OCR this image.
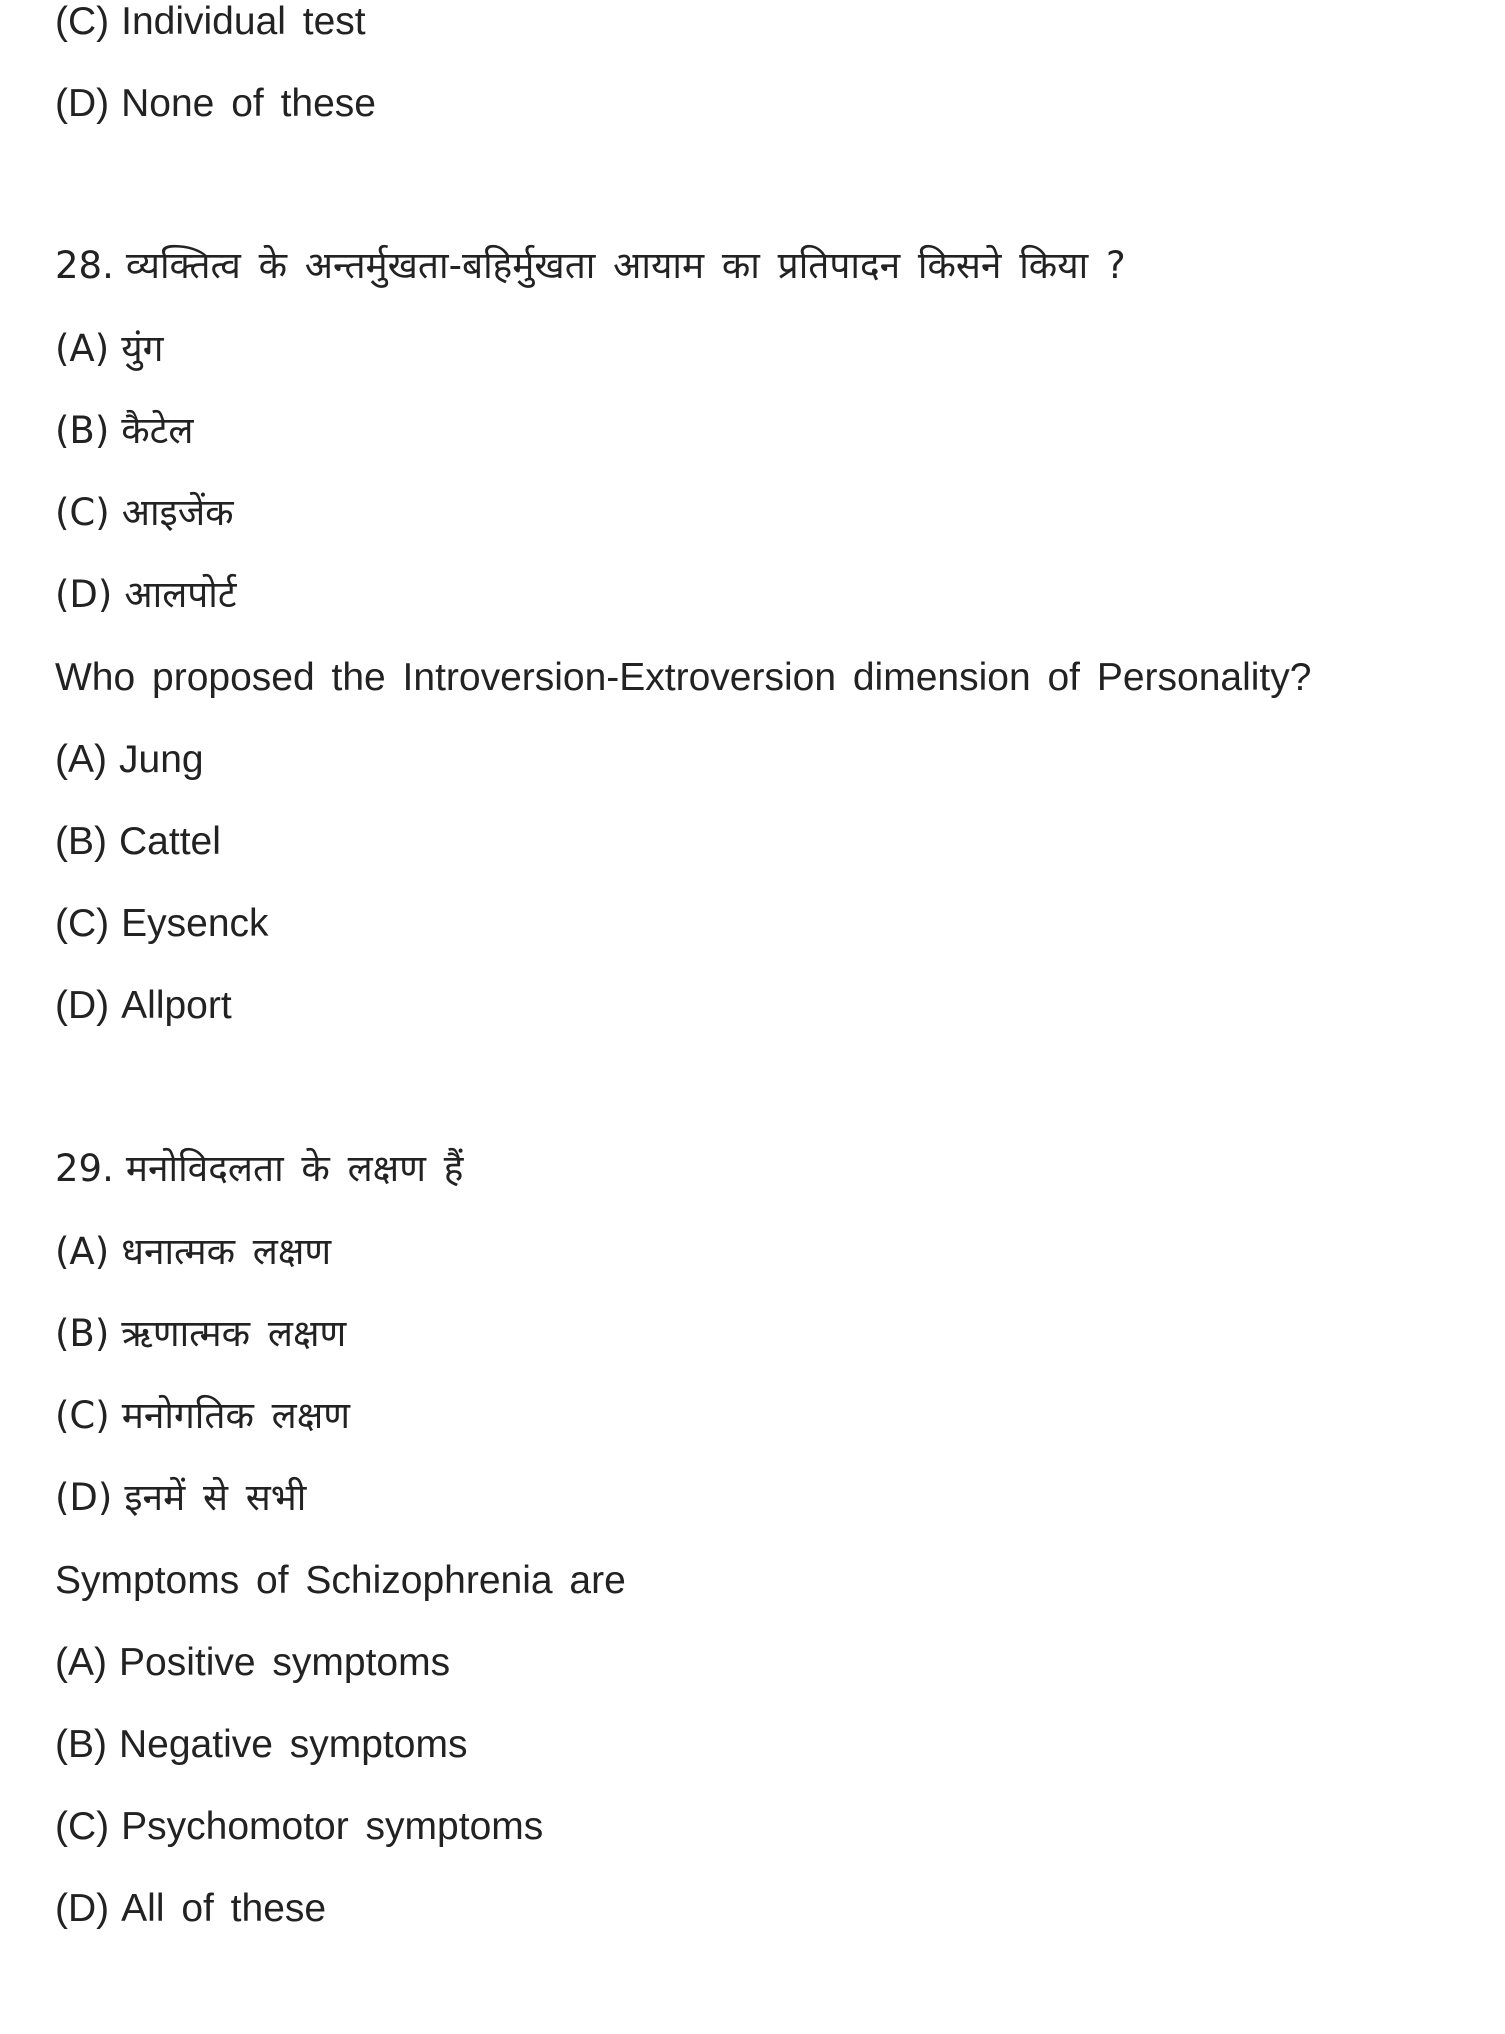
(C) Individual test
(D) None of these
28. व्यक्तित्व के अन्तर्मुखता-बहिर्मुखता आयाम का प्रतिपादन किसने किया ?
(A) युंग
(B) कैटेल
(C) आइजेंक
(D) आलपोर्ट
Who proposed the Introversion-Extroversion dimension of Personality?
(A) Jung
(B) Cattel
(C) Eysenck
(D) Allport
29. मनोविदलता के लक्षण हैं
(A) धनात्मक लक्षण
(B) ऋणात्मक लक्षण
(C) मनोगतिक लक्षण
(D) इनमें से सभी
Symptoms of Schizophrenia are
(A) Positive symptoms
(B) Negative symptoms
(C) Psychomotor symptoms
(D) All of these
